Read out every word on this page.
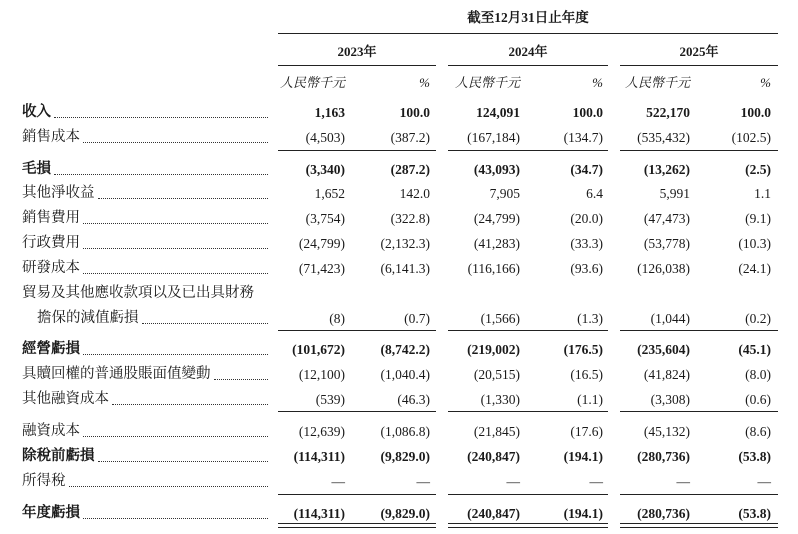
截至12月31日止年度
2023年
人民幣千元	%
2024年
人民幣千元	%
2025年
人民幣千元	%
收入	1,163	100.0	124,091	100.0	522,170	100.0
銷售成本	(4,503)	(387.2)	(167,184)	(134.7)	(535,432)	(102.5)
毛損	(3,340)	(287.2)	(43,093)	(34.7)	(13,262)	(2.5)
其他淨收益	1,652	142.0	7,905	6.4	5,991	1.1
銷售費用	(3,754)	(322.8)	(24,799)	(20.0)	(47,473)	(9.1)
行政費用	(24,799)	(2,132.3)	(41,283)	(33.3)	(53,778)	(10.3)
研發成本	(71,423)	(6,141.3)	(116,166)	(93.6)	(126,038)	(24.1)
貿易及其他應收款項以及已出具財務
擔保的減值虧損	(8)	(0.7)	(1,566)	(1.3)	(1,044)	(0.2)
經營虧損	(101,672)	(8,742.2)	(219,002)	(176.5)	(235,604)	(45.1)
具贖回權的普通股賬面值變動	(12,100)	(1,040.4)	(20,515)	(16.5)	(41,824)	(8.0)
其他融資成本	(539)	(46.3)	(1,330)	(1.1)	(3,308)	(0.6)
融資成本	(12,639)	(1,086.8)	(21,845)	(17.6)	(45,132)	(8.6)
除稅前虧損	(114,311)	(9,829.0)	(240,847)	(194.1)	(280,736)	(53.8)
所得稅	—	—	—	—	—	—
年度虧損	(114,311)	(9,829.0)	(240,847)	(194.1)	(280,736)	(53.8)
